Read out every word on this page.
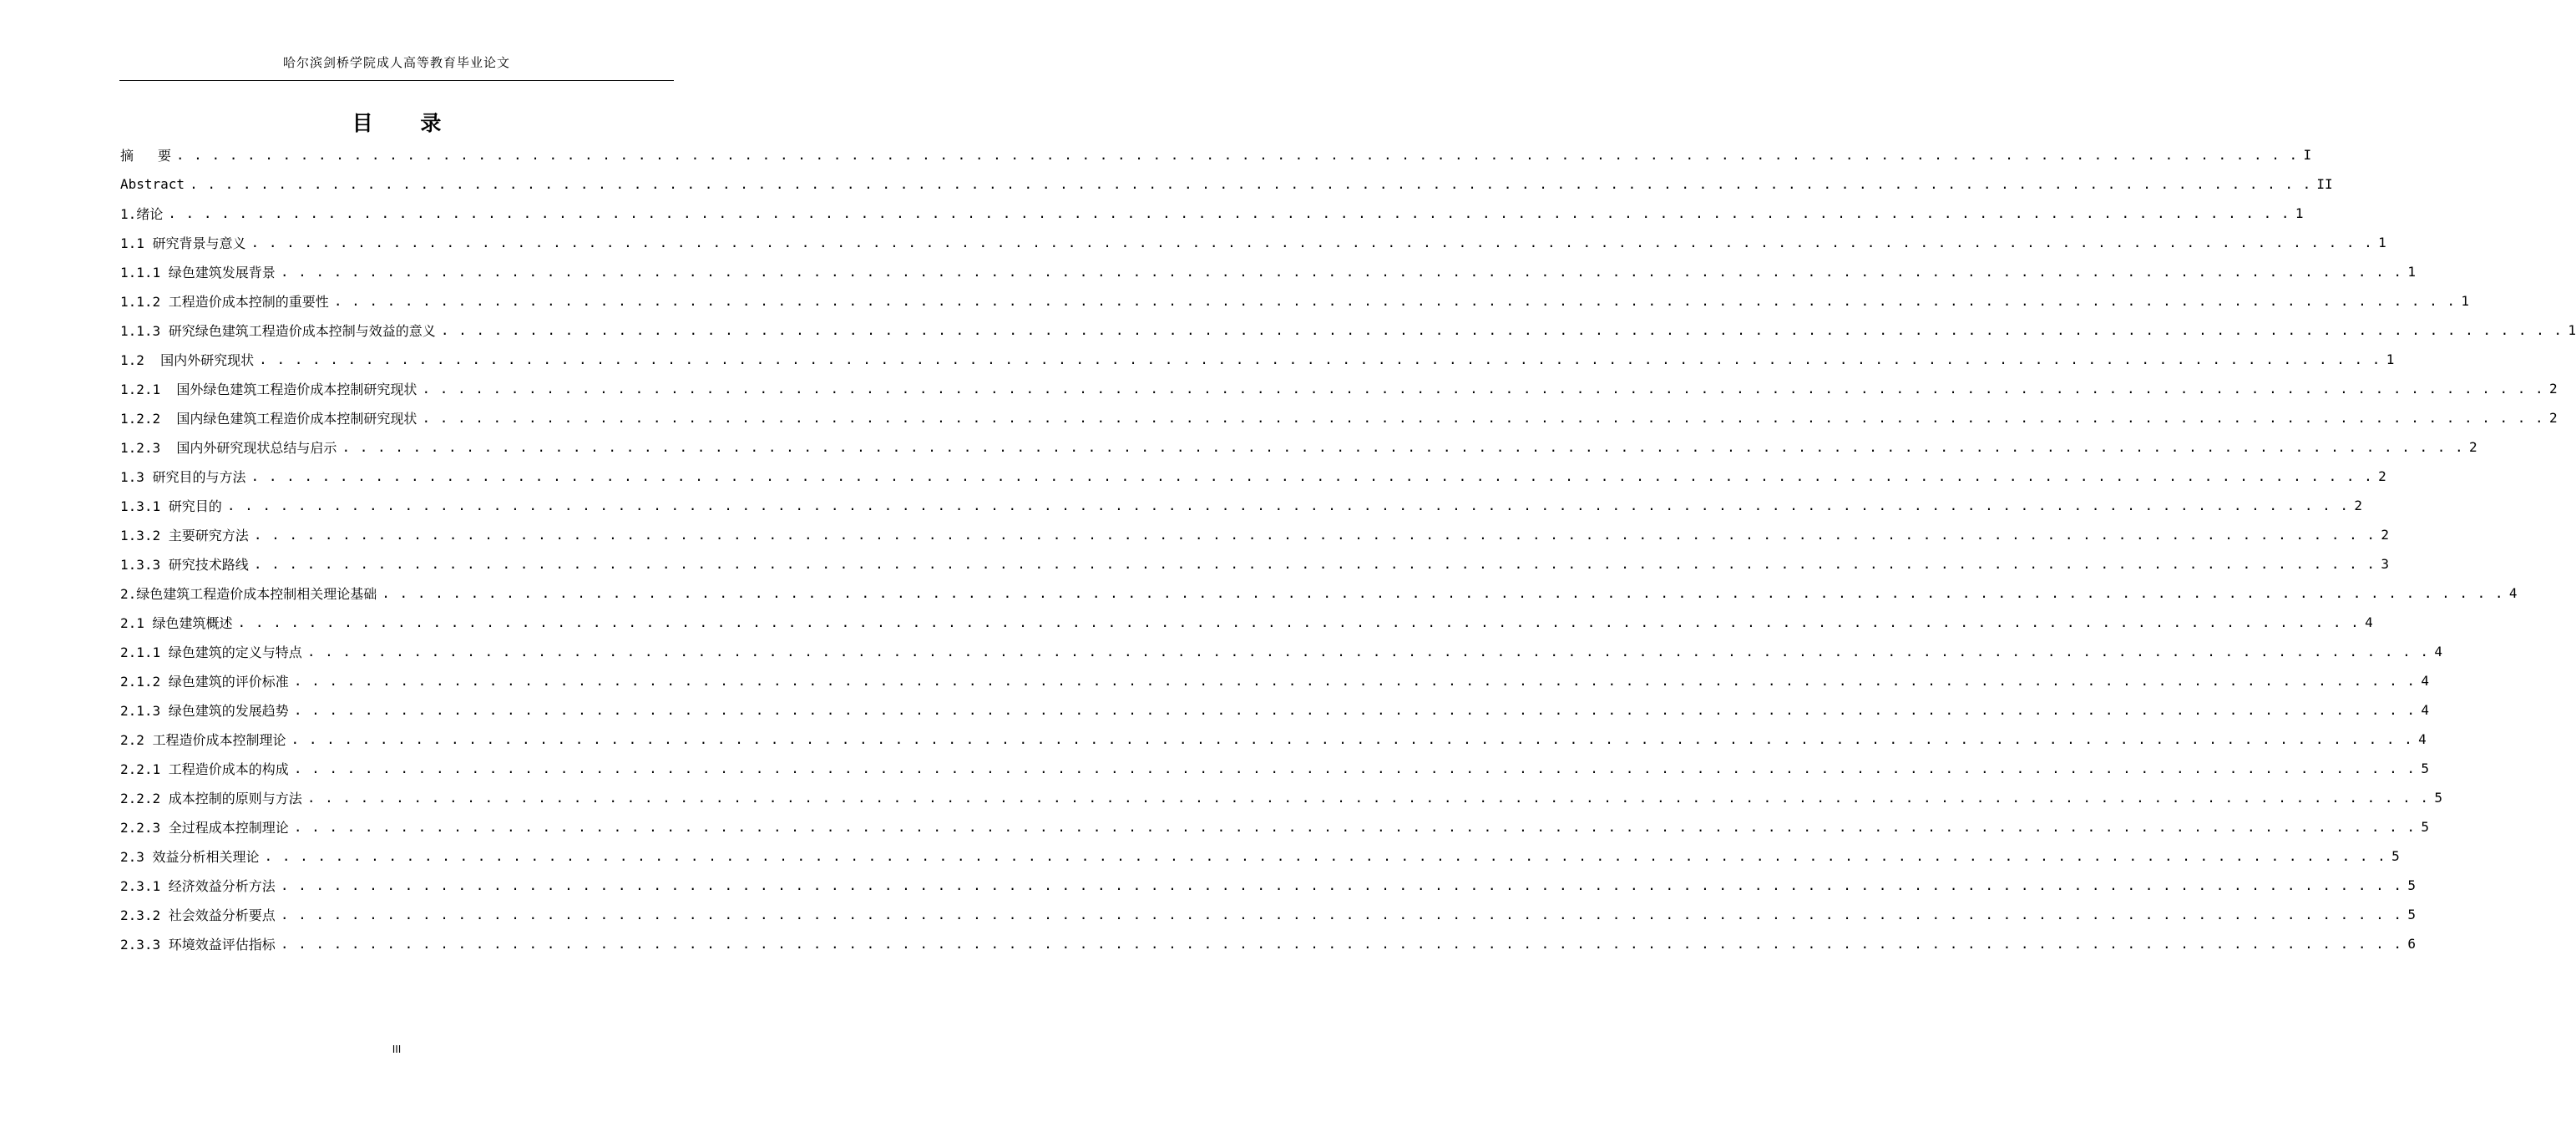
哈尔滨剑桥学院成人高等教育毕业论文
目 录
摘   要 . . . . . . . . . . . . . . . . . . . . . . . . . . . . . . . . . . . . . . . . . . . . . . . . . . . . . . . . . . . . . . . . . . . . . . . . . . . . . . . . . . . . . . . . . . . . . . . . . . . . . . . . . . . . . . . . . . . . . . . . I
Abstract . . . . . . . . . . . . . . . . . . . . . . . . . . . . . . . . . . . . . . . . . . . . . . . . . . . . . . . . . . . . . . . . . . . . . . . . . . . . . . . . . . . . . . . . . . . . . . . . . . . . . . . . . . . . . . . . . . . . . . . . II
1.绪论 . . . . . . . . . . . . . . . . . . . . . . . . . . . . . . . . . . . . . . . . . . . . . . . . . . . . . . . . . . . . . . . . . . . . . . . . . . . . . . . . . . . . . . . . . . . . . . . . . . . . . . . . . . . . . . . . . . . . . . . . 1
1.1 研究背景与意义 . . . . . . . . . . . . . . . . . . . . . . . . . . . . . . . . . . . . . . . . . . . . . . . . . . . . . . . . . . . . . . . . . . . . . . . . . . . . . . . . . . . . . . . . . . . . . . . . . . . . . . . . . . . . . . . . . . . . . . . . 1
1.1.1 绿色建筑发展背景 . . . . . . . . . . . . . . . . . . . . . . . . . . . . . . . . . . . . . . . . . . . . . . . . . . . . . . . . . . . . . . . . . . . . . . . . . . . . . . . . . . . . . . . . . . . . . . . . . . . . . . . . . . . . . . . . . . . . . . . . 1
1.1.2 工程造价成本控制的重要性 . . . . . . . . . . . . . . . . . . . . . . . . . . . . . . . . . . . . . . . . . . . . . . . . . . . . . . . . . . . . . . . . . . . . . . . . . . . . . . . . . . . . . . . . . . . . . . . . . . . . . . . . . . . . . . . . . . . . . . . . 1
1.1.3 研究绿色建筑工程造价成本控制与效益的意义 . . . . . . . . . . . . . . . . . . . . . . . . . . . . . . . . . . . . . . . . . . . . . . . . . . . . . . . . . . . . . . . . . . . . . . . . . . . . . . . . . . . . . . . . . . . . . . . . . . . . . . . . . . . . . . . . . . . . . . . . 1
1.2  国内外研究现状 . . . . . . . . . . . . . . . . . . . . . . . . . . . . . . . . . . . . . . . . . . . . . . . . . . . . . . . . . . . . . . . . . . . . . . . . . . . . . . . . . . . . . . . . . . . . . . . . . . . . . . . . . . . . . . . . . . . . . . . . 1
1.2.1  国外绿色建筑工程造价成本控制研究现状 . . . . . . . . . . . . . . . . . . . . . . . . . . . . . . . . . . . . . . . . . . . . . . . . . . . . . . . . . . . . . . . . . . . . . . . . . . . . . . . . . . . . . . . . . . . . . . . . . . . . . . . . . . . . . . . . . . . . . . . . 2
1.2.2  国内绿色建筑工程造价成本控制研究现状 . . . . . . . . . . . . . . . . . . . . . . . . . . . . . . . . . . . . . . . . . . . . . . . . . . . . . . . . . . . . . . . . . . . . . . . . . . . . . . . . . . . . . . . . . . . . . . . . . . . . . . . . . . . . . . . . . . . . . . . . 2
1.2.3  国内外研究现状总结与启示 . . . . . . . . . . . . . . . . . . . . . . . . . . . . . . . . . . . . . . . . . . . . . . . . . . . . . . . . . . . . . . . . . . . . . . . . . . . . . . . . . . . . . . . . . . . . . . . . . . . . . . . . . . . . . . . . . . . . . . . . 2
1.3 研究目的与方法 . . . . . . . . . . . . . . . . . . . . . . . . . . . . . . . . . . . . . . . . . . . . . . . . . . . . . . . . . . . . . . . . . . . . . . . . . . . . . . . . . . . . . . . . . . . . . . . . . . . . . . . . . . . . . . . . . . . . . . . . 2
1.3.1 研究目的 . . . . . . . . . . . . . . . . . . . . . . . . . . . . . . . . . . . . . . . . . . . . . . . . . . . . . . . . . . . . . . . . . . . . . . . . . . . . . . . . . . . . . . . . . . . . . . . . . . . . . . . . . . . . . . . . . . . . . . . . 2
1.3.2 主要研究方法 . . . . . . . . . . . . . . . . . . . . . . . . . . . . . . . . . . . . . . . . . . . . . . . . . . . . . . . . . . . . . . . . . . . . . . . . . . . . . . . . . . . . . . . . . . . . . . . . . . . . . . . . . . . . . . . . . . . . . . . . 2
1.3.3 研究技术路线 . . . . . . . . . . . . . . . . . . . . . . . . . . . . . . . . . . . . . . . . . . . . . . . . . . . . . . . . . . . . . . . . . . . . . . . . . . . . . . . . . . . . . . . . . . . . . . . . . . . . . . . . . . . . . . . . . . . . . . . . 3
2.绿色建筑工程造价成本控制相关理论基础 . . . . . . . . . . . . . . . . . . . . . . . . . . . . . . . . . . . . . . . . . . . . . . . . . . . . . . . . . . . . . . . . . . . . . . . . . . . . . . . . . . . . . . . . . . . . . . . . . . . . . . . . . . . . . . . . . . . . . . . . 4
2.1 绿色建筑概述 . . . . . . . . . . . . . . . . . . . . . . . . . . . . . . . . . . . . . . . . . . . . . . . . . . . . . . . . . . . . . . . . . . . . . . . . . . . . . . . . . . . . . . . . . . . . . . . . . . . . . . . . . . . . . . . . . . . . . . . . 4
2.1.1 绿色建筑的定义与特点 . . . . . . . . . . . . . . . . . . . . . . . . . . . . . . . . . . . . . . . . . . . . . . . . . . . . . . . . . . . . . . . . . . . . . . . . . . . . . . . . . . . . . . . . . . . . . . . . . . . . . . . . . . . . . . . . . . . . . . . . 4
2.1.2 绿色建筑的评价标准 . . . . . . . . . . . . . . . . . . . . . . . . . . . . . . . . . . . . . . . . . . . . . . . . . . . . . . . . . . . . . . . . . . . . . . . . . . . . . . . . . . . . . . . . . . . . . . . . . . . . . . . . . . . . . . . . . . . . . . . . 4
2.1.3 绿色建筑的发展趋势 . . . . . . . . . . . . . . . . . . . . . . . . . . . . . . . . . . . . . . . . . . . . . . . . . . . . . . . . . . . . . . . . . . . . . . . . . . . . . . . . . . . . . . . . . . . . . . . . . . . . . . . . . . . . . . . . . . . . . . . . 4
2.2 工程造价成本控制理论 . . . . . . . . . . . . . . . . . . . . . . . . . . . . . . . . . . . . . . . . . . . . . . . . . . . . . . . . . . . . . . . . . . . . . . . . . . . . . . . . . . . . . . . . . . . . . . . . . . . . . . . . . . . . . . . . . . . . . . . . 4
2.2.1 工程造价成本的构成 . . . . . . . . . . . . . . . . . . . . . . . . . . . . . . . . . . . . . . . . . . . . . . . . . . . . . . . . . . . . . . . . . . . . . . . . . . . . . . . . . . . . . . . . . . . . . . . . . . . . . . . . . . . . . . . . . . . . . . . . 5
2.2.2 成本控制的原则与方法 . . . . . . . . . . . . . . . . . . . . . . . . . . . . . . . . . . . . . . . . . . . . . . . . . . . . . . . . . . . . . . . . . . . . . . . . . . . . . . . . . . . . . . . . . . . . . . . . . . . . . . . . . . . . . . . . . . . . . . . . 5
2.2.3 全过程成本控制理论 . . . . . . . . . . . . . . . . . . . . . . . . . . . . . . . . . . . . . . . . . . . . . . . . . . . . . . . . . . . . . . . . . . . . . . . . . . . . . . . . . . . . . . . . . . . . . . . . . . . . . . . . . . . . . . . . . . . . . . . . 5
2.3 效益分析相关理论 . . . . . . . . . . . . . . . . . . . . . . . . . . . . . . . . . . . . . . . . . . . . . . . . . . . . . . . . . . . . . . . . . . . . . . . . . . . . . . . . . . . . . . . . . . . . . . . . . . . . . . . . . . . . . . . . . . . . . . . . 5
2.3.1 经济效益分析方法 . . . . . . . . . . . . . . . . . . . . . . . . . . . . . . . . . . . . . . . . . . . . . . . . . . . . . . . . . . . . . . . . . . . . . . . . . . . . . . . . . . . . . . . . . . . . . . . . . . . . . . . . . . . . . . . . . . . . . . . . 5
2.3.2 社会效益分析要点 . . . . . . . . . . . . . . . . . . . . . . . . . . . . . . . . . . . . . . . . . . . . . . . . . . . . . . . . . . . . . . . . . . . . . . . . . . . . . . . . . . . . . . . . . . . . . . . . . . . . . . . . . . . . . . . . . . . . . . . . 5
2.3.3 环境效益评估指标 . . . . . . . . . . . . . . . . . . . . . . . . . . . . . . . . . . . . . . . . . . . . . . . . . . . . . . . . . . . . . . . . . . . . . . . . . . . . . . . . . . . . . . . . . . . . . . . . . . . . . . . . . . . . . . . . . . . . . . . . 6
III
